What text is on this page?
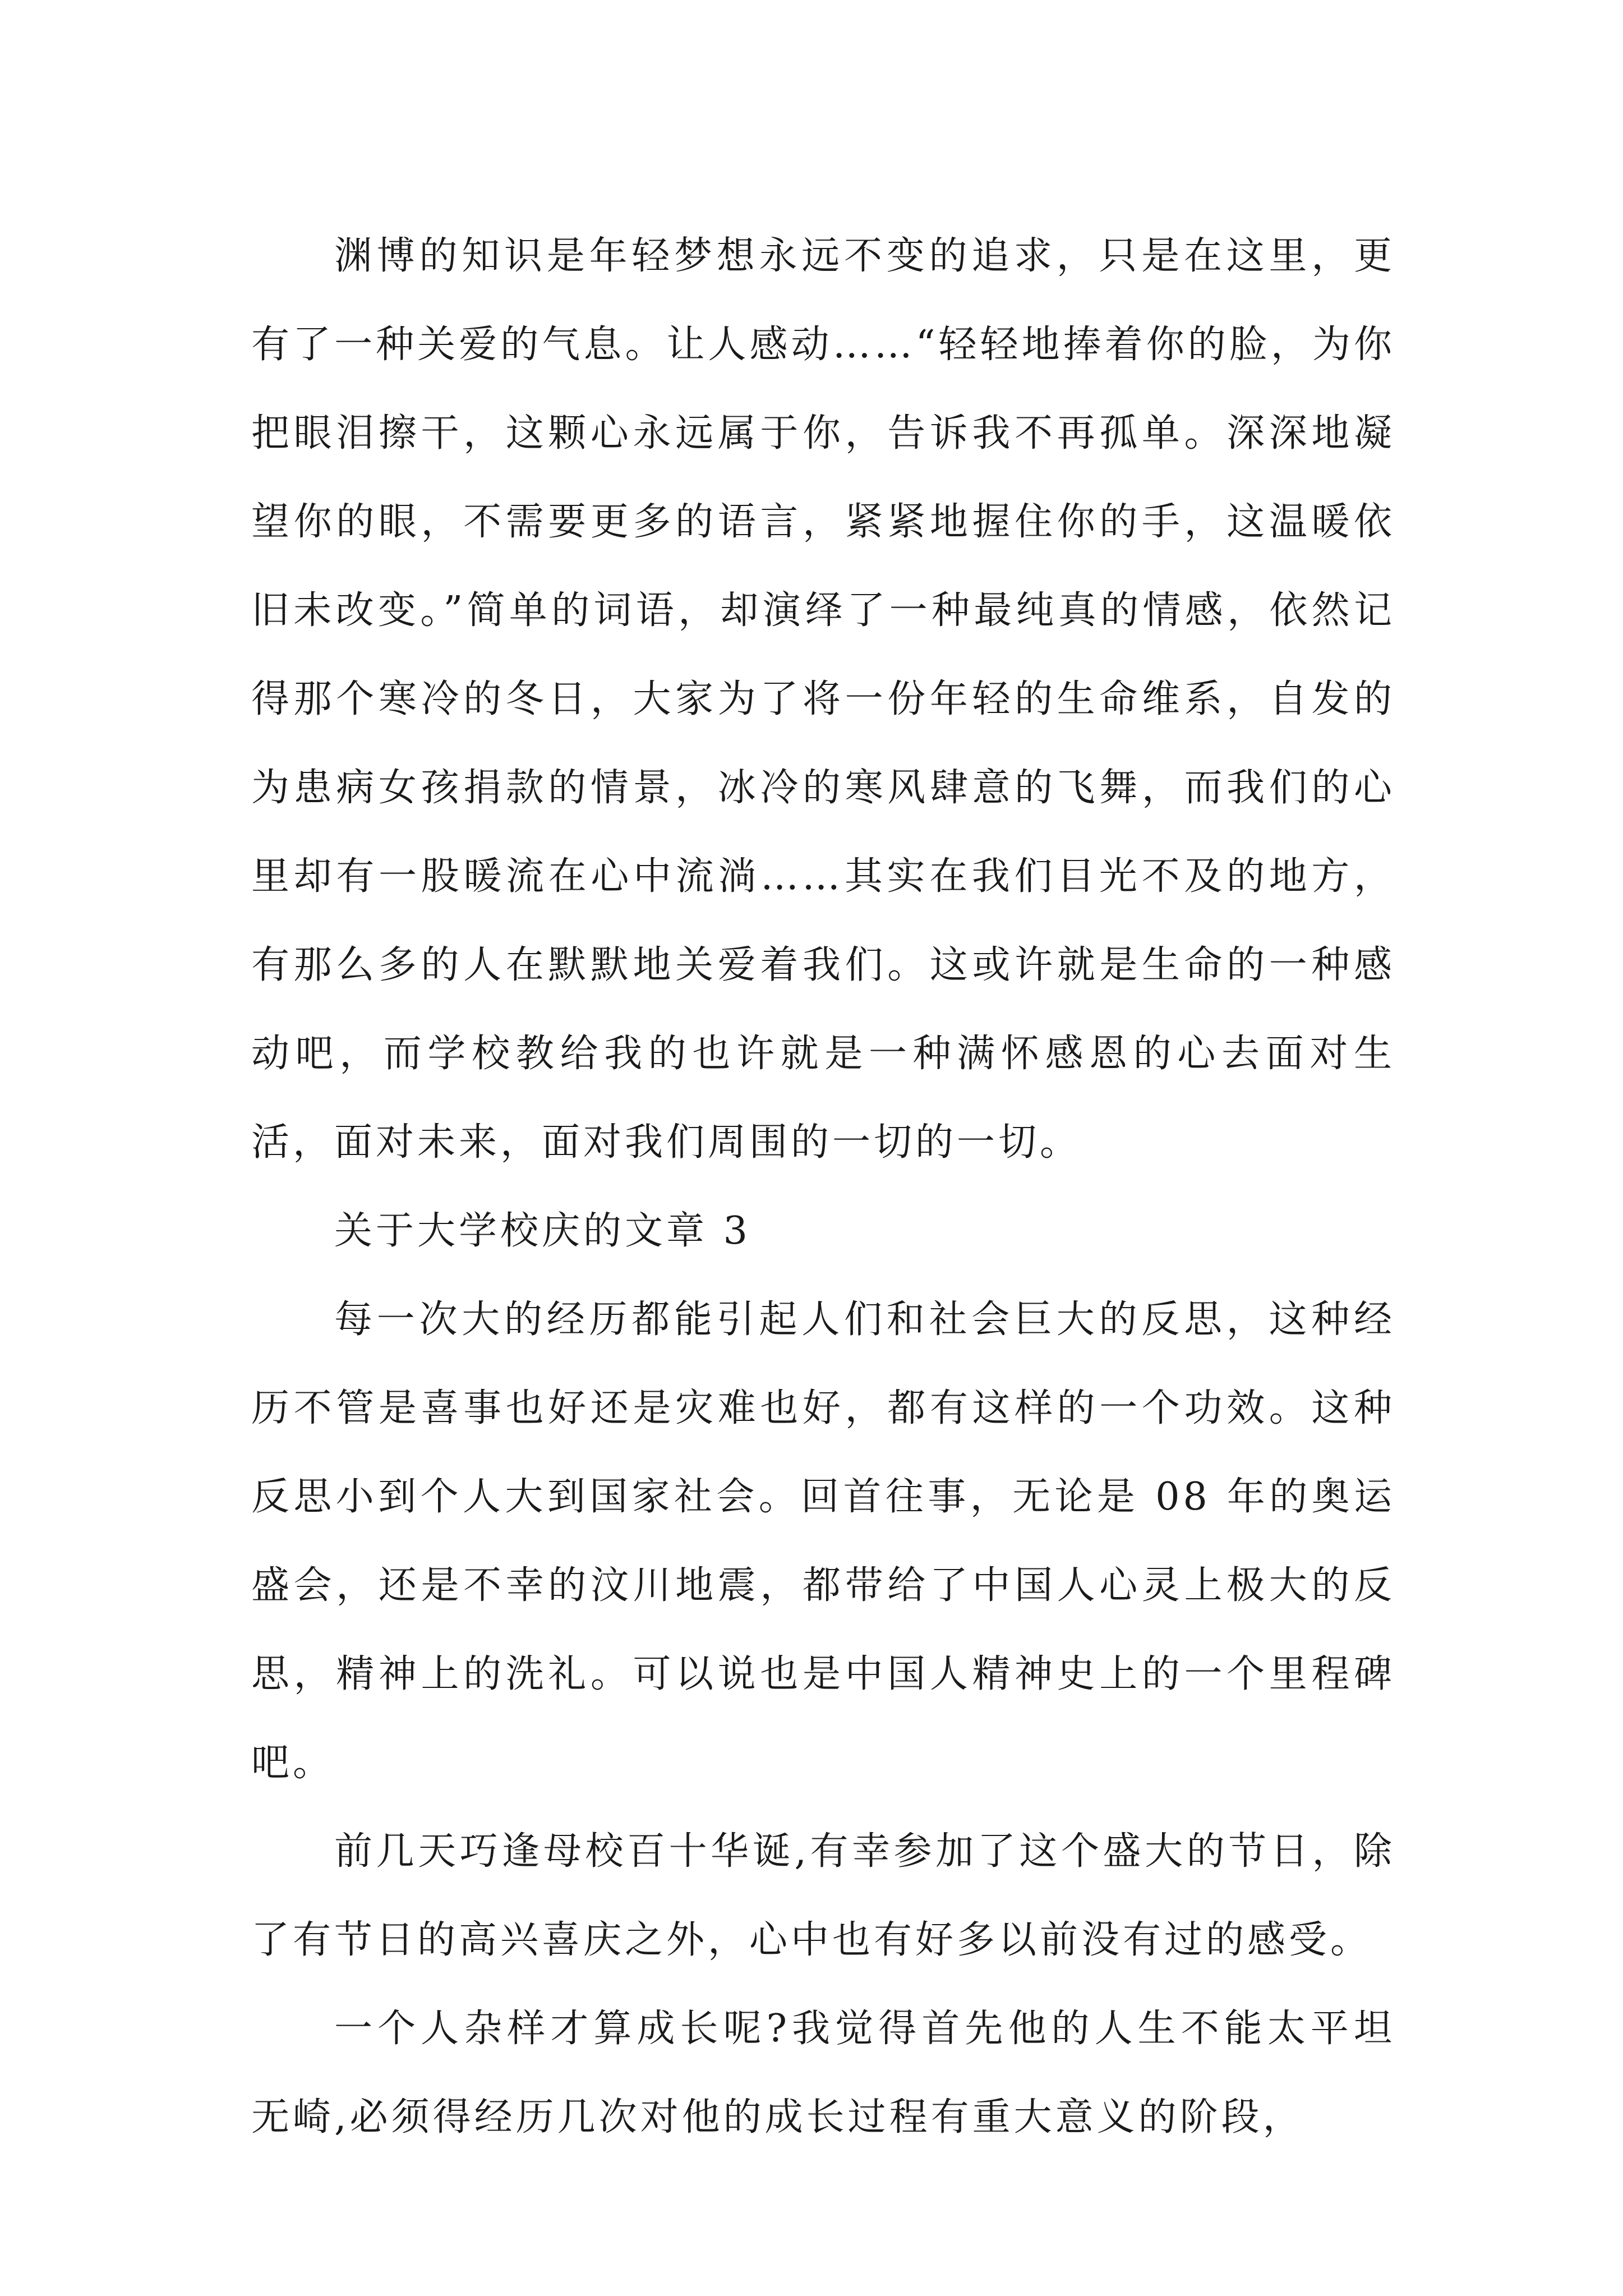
渊博的知识是年轻梦想永远不变的追求，只是在这里，更有了一种关爱的气息。让人感动……“轻轻地捧着你的脸，为你把眼泪擦干，这颗心永远属于你，告诉我不再孤单。深深地凝望你的眼，不需要更多的语言，紧紧地握住你的手，这温暖依旧未改变。”简单的词语，却演绎了一种最纯真的情感，依然记得那个寒冷的冬日，大家为了将一份年轻的生命维系，自发的为患病女孩捐款的情景，冰冷的寒风肆意的飞舞，而我们的心里却有一股暖流在心中流淌……其实在我们目光不及的地方，有那么多的人在默默地关爱着我们。这或许就是生命的一种感动吧，而学校教给我的也许就是一种满怀感恩的心去面对生活，面对未来，面对我们周围的一切的一切。

关于大学校庆的文章 3

每一次大的经历都能引起人们和社会巨大的反思，这种经历不管是喜事也好还是灾难也好，都有这样的一个功效。这种反思小到个人大到国家社会。回首往事，无论是 08 年的奥运盛会，还是不幸的汶川地震，都带给了中国人心灵上极大的反思，精神上的洗礼。可以说也是中国人精神史上的一个里程碑吧。

前几天巧逢母校百十华诞,有幸参加了这个盛大的节日，除了有节日的高兴喜庆之外，心中也有好多以前没有过的感受。

一个人杂样才算成长呢?我觉得首先他的人生不能太平坦无崎,必须得经历几次对他的成长过程有重大意义的阶段，
